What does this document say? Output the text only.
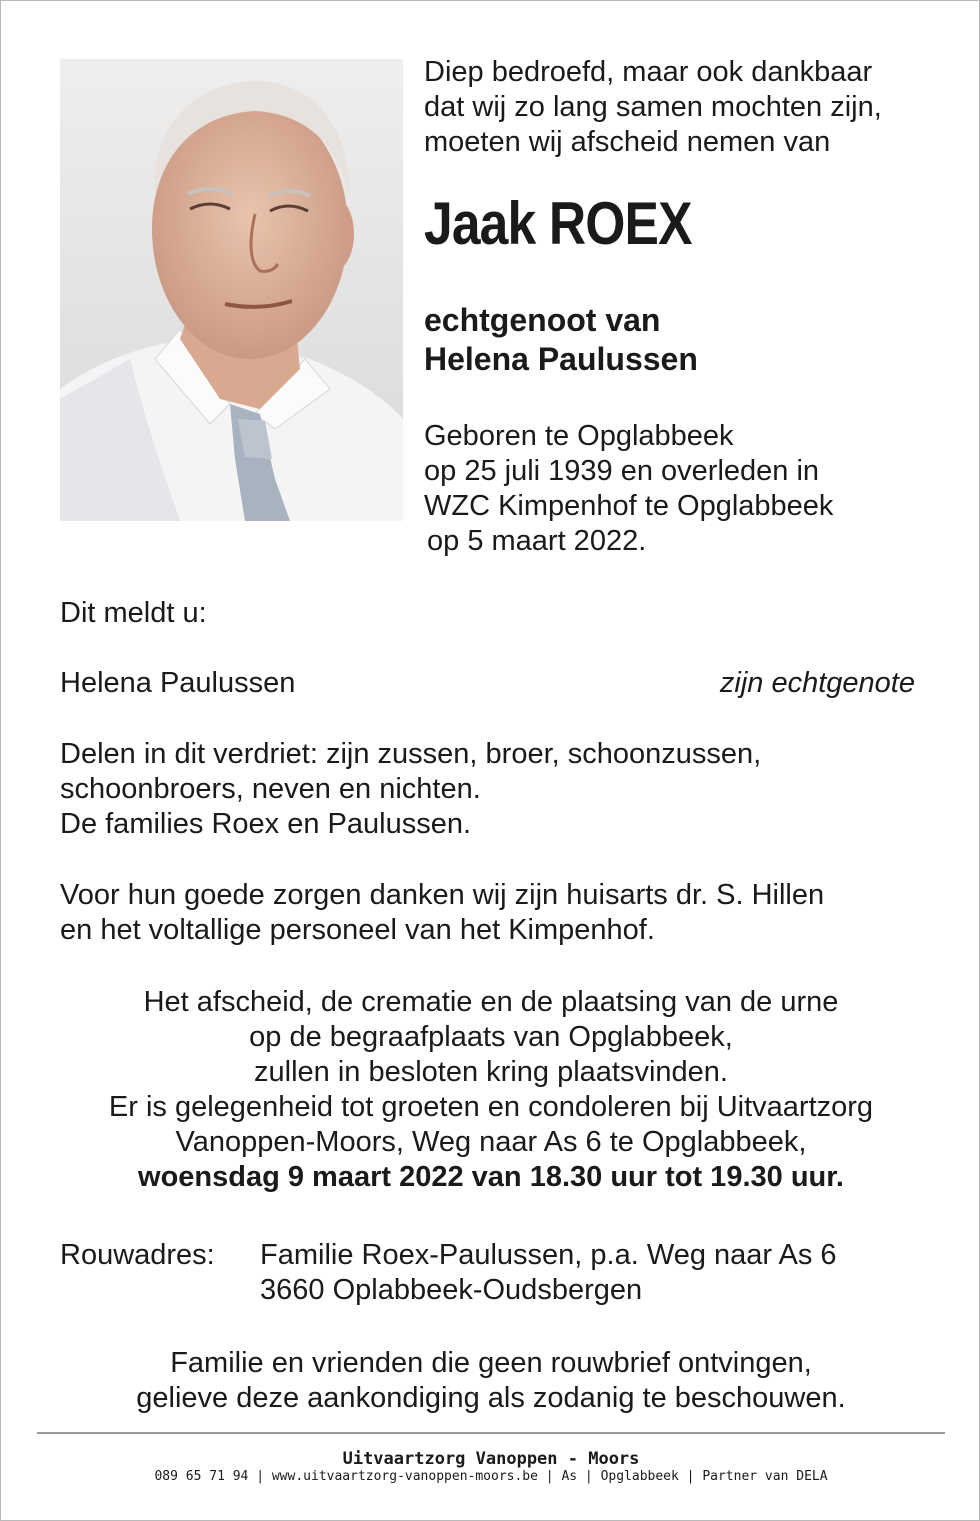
Diep bedroefd, maar ook dankbaar
dat wij zo lang samen mochten zijn,
moeten wij afscheid nemen van
Jaak ROEX
echtgenoot van
Helena Paulussen
Geboren te Opglabbeek
op 25 juli 1939 en overleden in
WZC Kimpenhof te Opglabbeek
op 5 maart 2022.
Dit meldt u:
Helena Paulussen	zijn echtgenote
Delen in dit verdriet: zijn zussen, broer, schoonzussen,
schoonbroers, neven en nichten.
De families Roex en Paulussen.
Voor hun goede zorgen danken wij zijn huisarts dr. S. Hillen
en het voltallige personeel van het Kimpenhof.
Het afscheid, de crematie en de plaatsing van de urne
op de begraafplaats van Opglabbeek,
zullen in besloten kring plaatsvinden.
Er is gelegenheid tot groeten en condoleren bij Uitvaartzorg
Vanoppen-Moors, Weg naar As 6 te Opglabbeek,
woensdag 9 maart 2022 van 18.30 uur tot 19.30 uur.
Rouwadres: Familie Roex-Paulussen, p.a. Weg naar As 6
3660 Oplabbeek-Oudsbergen
Familie en vrienden die geen rouwbrief ontvingen,
gelieve deze aankondiging als zodanig te beschouwen.
Uitvaartzorg Vanoppen - Moors
089 65 71 94 | www.uitvaartzorg-vanoppen-moors.be | As | Opglabbeek | Partner van DELA
